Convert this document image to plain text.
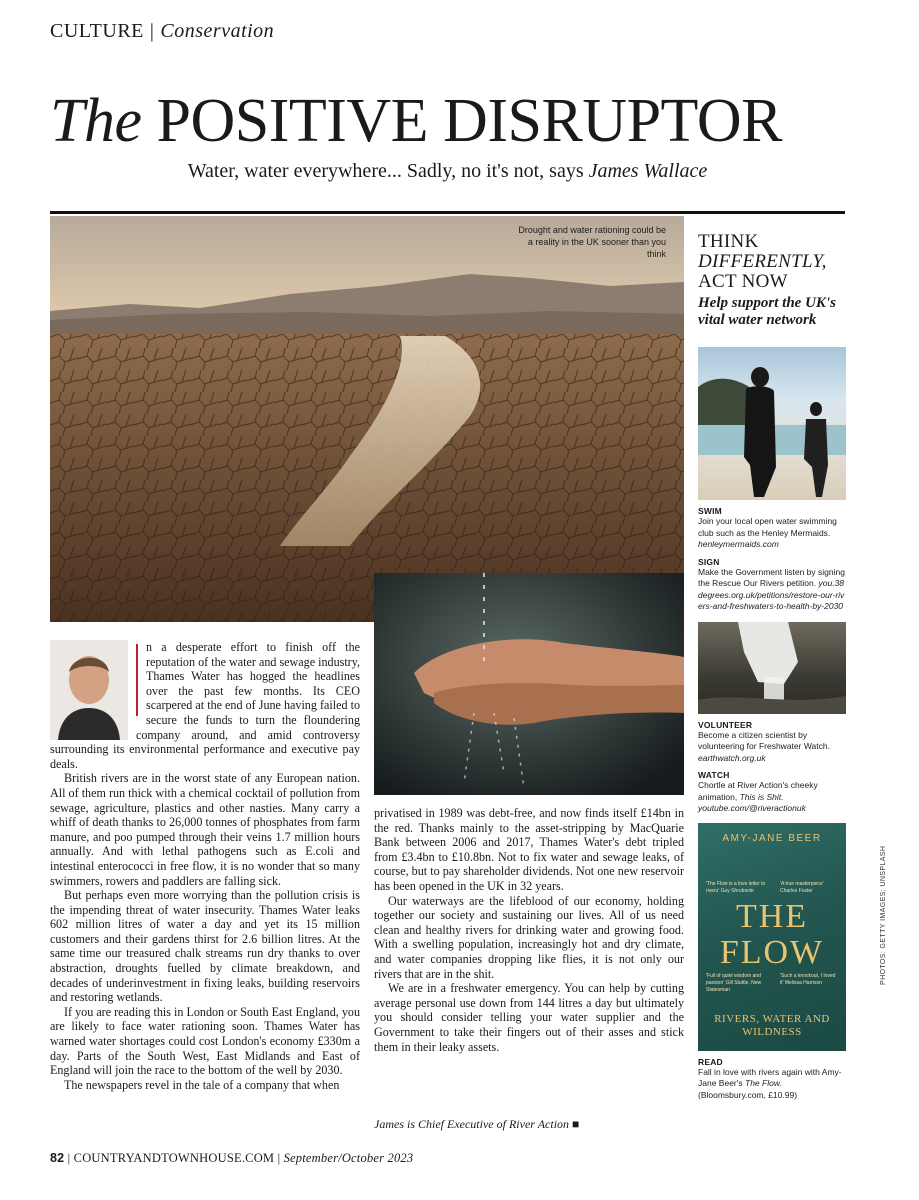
CULTURE | Conservation
The POSITIVE DISRUPTOR
Water, water everywhere... Sadly, no it's not, says James Wallace
Drought and water rationing could be a reality in the UK sooner than you think
THINK
DIFFERENTLY,
ACT NOW
Help support the UK's vital water network
SWIM
Join your local open water swimming club such as the Henley Mermaids. henleymermaids.com
SIGN
Make the Government listen by signing the Rescue Our Rivers petition. you.38degrees.org.uk/petitions/restore-our-rivers-and-freshwaters-to-health-by-2030
VOLUNTEER
Become a citizen scientist by volunteering for Freshwater Watch. earthwatch.org.uk
WATCH
Chortle at River Action's cheeky animation, This is Shit. youtube.com/@riveractionuk
AMY-JANE BEER
'The Flow is a love letter to rivers' Guy Shrubsole
'A true masterpiece' Charles Foster
THE FLOW
'Full of quiet wisdom and passion' Gill Stuttle, New Statesman
'Such a knockout, I loved it' Melissa Harrison
RIVERS, WATER AND WILDNESS
READ
Fall in love with rivers again with Amy-Jane Beer's The Flow. (Bloomsbury.com, £10.99)

n a desperate effort to finish off the reputation of the water and sewage industry, Thames Water has hogged the headlines over the past few months. Its CEO scarpered at the end of June having failed to secure the funds to turn the floundering company around, and amid controversy surrounding its environmental performance and executive pay deals.

British rivers are in the worst state of any European nation. All of them run thick with a chemical cocktail of pollution from sewage, agriculture, plastics and other nasties. Many carry a whiff of death thanks to 26,000 tonnes of phosphates from farm manure, and poo pumped through their veins 1.7 million hours annually. And with lethal pathogens such as E.coli and intestinal enterococci in free flow, it is no wonder that so many swimmers, rowers and paddlers are falling sick.

But perhaps even more worrying than the pollution crisis is the impending threat of water insecurity. Thames Water leaks 602 million litres of water a day and yet its 15 million customers and their gardens thirst for 2.6 billion litres. At the same time our treasured chalk streams run dry thanks to over abstraction, droughts fuelled by climate breakdown, and decades of underinvestment in fixing leaks, building reservoirs and restoring wetlands.

If you are reading this in London or South East England, you are likely to face water rationing soon. Thames Water has warned water shortages could cost London's economy £330m a day. Parts of the South West, East Midlands and East of England will join the race to the bottom of the well by 2030.

The newspapers revel in the tale of a company that when

privatised in 1989 was debt-free, and now finds itself £14bn in the red. Thanks mainly to the asset-stripping by MacQuarie Bank between 2006 and 2017, Thames Water's debt tripled from £3.4bn to £10.8bn. Not to fix water and sewage leaks, of course, but to pay shareholder dividends. Not one new reservoir has been opened in the UK in 32 years.

Our waterways are the lifeblood of our economy, holding together our society and sustaining our lives. All of us need clean and healthy rivers for drinking water and growing food. With a swelling population, increasingly hot and dry climate, and water companies dropping like flies, it is not only our rivers that are in the shit.

We are in a freshwater emergency. You can help by cutting average personal use down from 144 litres a day but ultimately you should consider telling your water supplier and the Government to take their fingers out of their asses and stick them in their leaky assets.

James is Chief Executive of River Action ■
82 | COUNTRYANDTOWNHOUSE.COM | September/October 2023
PHOTOS: GETTY IMAGES; UNSPLASH
